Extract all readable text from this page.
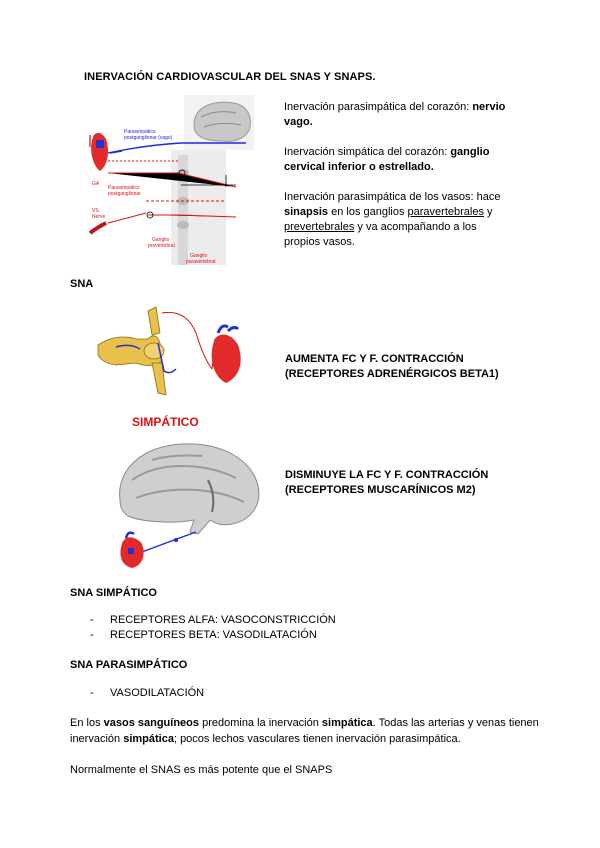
INERVACIÓN CARDIOVASCULAR DEL SNAS Y SNAPS.
Parasimpático
postganglionar (vago)
Parasimpático
postganglionar
GA
VS
Nerve
Ganglio
prevertebral
Ganglio
paravertebral
Inervación parasimpática del corazón: nervio vago.
Inervación simpática del corazón: ganglio cervical inferior o estrellado.
Inervación parasimpática de los vasos: hace sinapsis en los ganglios paravertebrales y prevertebrales y va acompañando a los propios vasos.
SNA
AUMENTA FC Y F. CONTRACCIÓN
(RECEPTORES ADRENÉRGICOS BETA1)
SIMPÁTICO
DISMINUYE LA FC Y F. CONTRACCIÓN
(RECEPTORES MUSCARÍNICOS M2)
SNA SIMPÁTICO
- RECEPTORES ALFA: VASOCONSTRICCIÓN
- RECEPTORES BETA: VASODILATACIÓN
SNA PARASIMPÁTICO
- VASODILATACIÓN
En los vasos sanguíneos predomina la inervación simpática. Todas las arterias y venas tienen inervación simpática; pocos lechos vasculares tienen inervación parasimpática.
Normalmente el SNAS es más potente que el SNAPS
